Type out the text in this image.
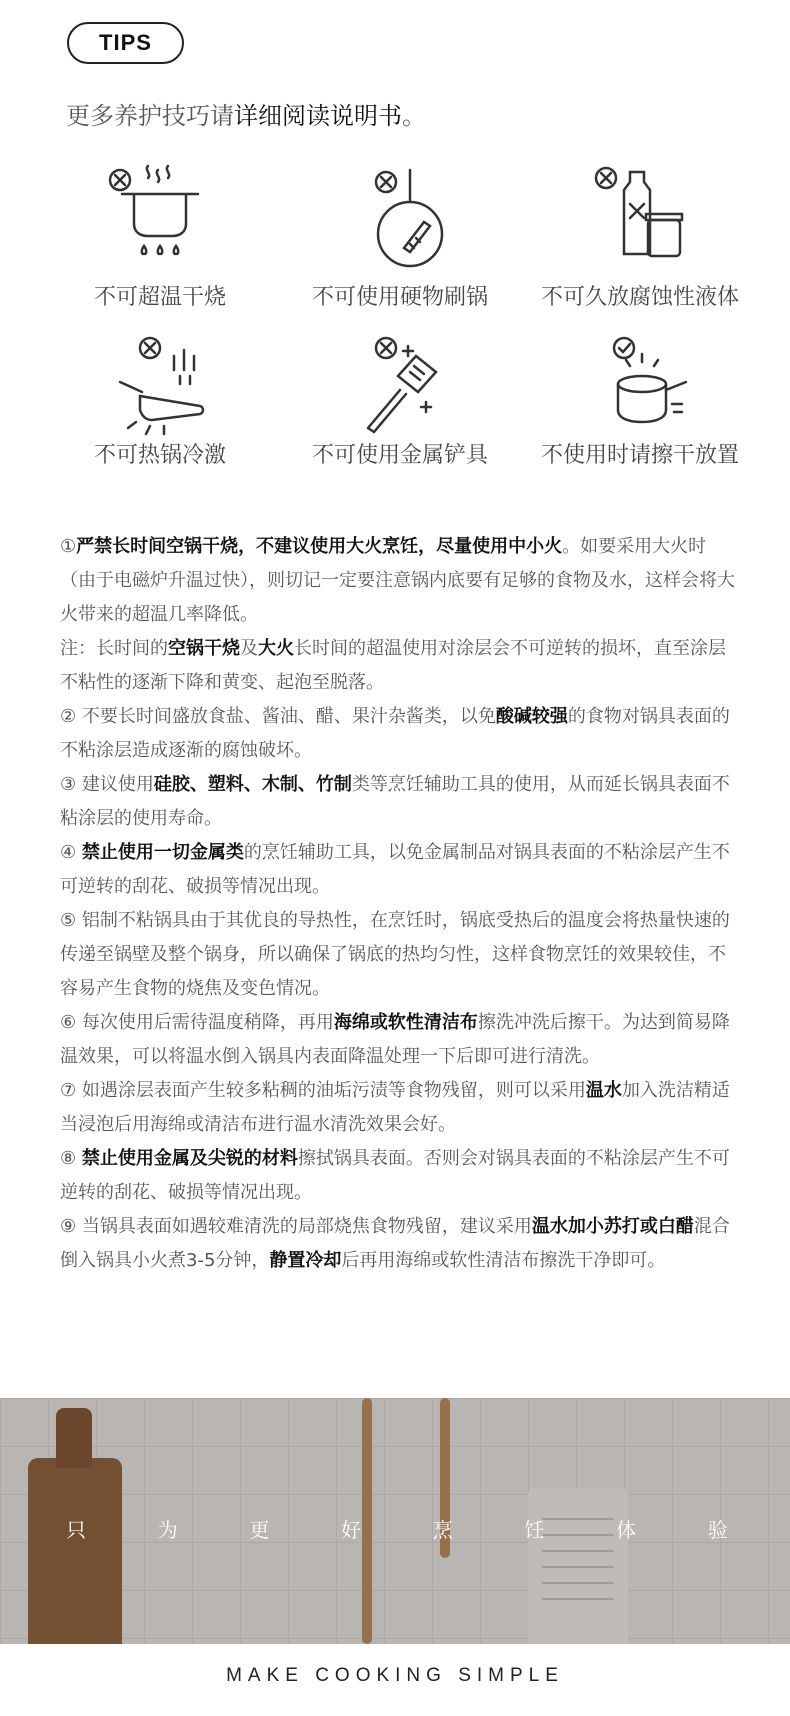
TIPS
更多养护技巧请详细阅读说明书。
不可超温干烧	不可使用硬物刷锅	不可久放腐蚀性液体
不可热锅冷激	不可使用金属铲具	不使用时请擦干放置

①严禁长时间空锅干烧，不建议使用大火烹饪，尽量使用中小火。如要采用大火时（由于电磁炉升温过快），则切记一定要注意锅内底要有足够的食物及水，这样会将大火带来的超温几率降低。

注：长时间的空锅干烧及大火长时间的超温使用对涂层会不可逆转的损坏，直至涂层不粘性的逐渐下降和黄变、起泡至脱落。

② 不要长时间盛放食盐、酱油、醋、果汁杂酱类，以免酸碱较强的食物对锅具表面的不粘涂层造成逐渐的腐蚀破坏。

③ 建议使用硅胶、塑料、木制、竹制类等烹饪辅助工具的使用，从而延长锅具表面不粘涂层的使用寿命。

④ 禁止使用一切金属类的烹饪辅助工具，以免金属制品对锅具表面的不粘涂层产生不可逆转的刮花、破损等情况出现。

⑤ 铝制不粘锅具由于其优良的导热性，在烹饪时，锅底受热后的温度会将热量快速的传递至锅壁及整个锅身，所以确保了锅底的热均匀性，这样食物烹饪的效果较佳，不容易产生食物的烧焦及变色情况。

⑥ 每次使用后需待温度稍降，再用海绵或软性清洁布擦洗冲洗后擦干。为达到简易降温效果，可以将温水倒入锅具内表面降温处理一下后即可进行清洗。

⑦ 如遇涂层表面产生较多粘稠的油垢污渍等食物残留，则可以采用温水加入洗洁精适当浸泡后用海绵或清洁布进行温水清洗效果会好。

⑧ 禁止使用金属及尖锐的材料擦拭锅具表面。否则会对锅具表面的不粘涂层产生不可逆转的刮花、破损等情况出现。

⑨ 当锅具表面如遇较难清洗的局部烧焦食物残留，建议采用温水加小苏打或白醋混合倒入锅具小火煮3-5分钟，静置冷却后再用海绵或软性清洁布擦洗干净即可。

只	为	更	好	烹	饪	体	验
MAKE COOKING SIMPLE
